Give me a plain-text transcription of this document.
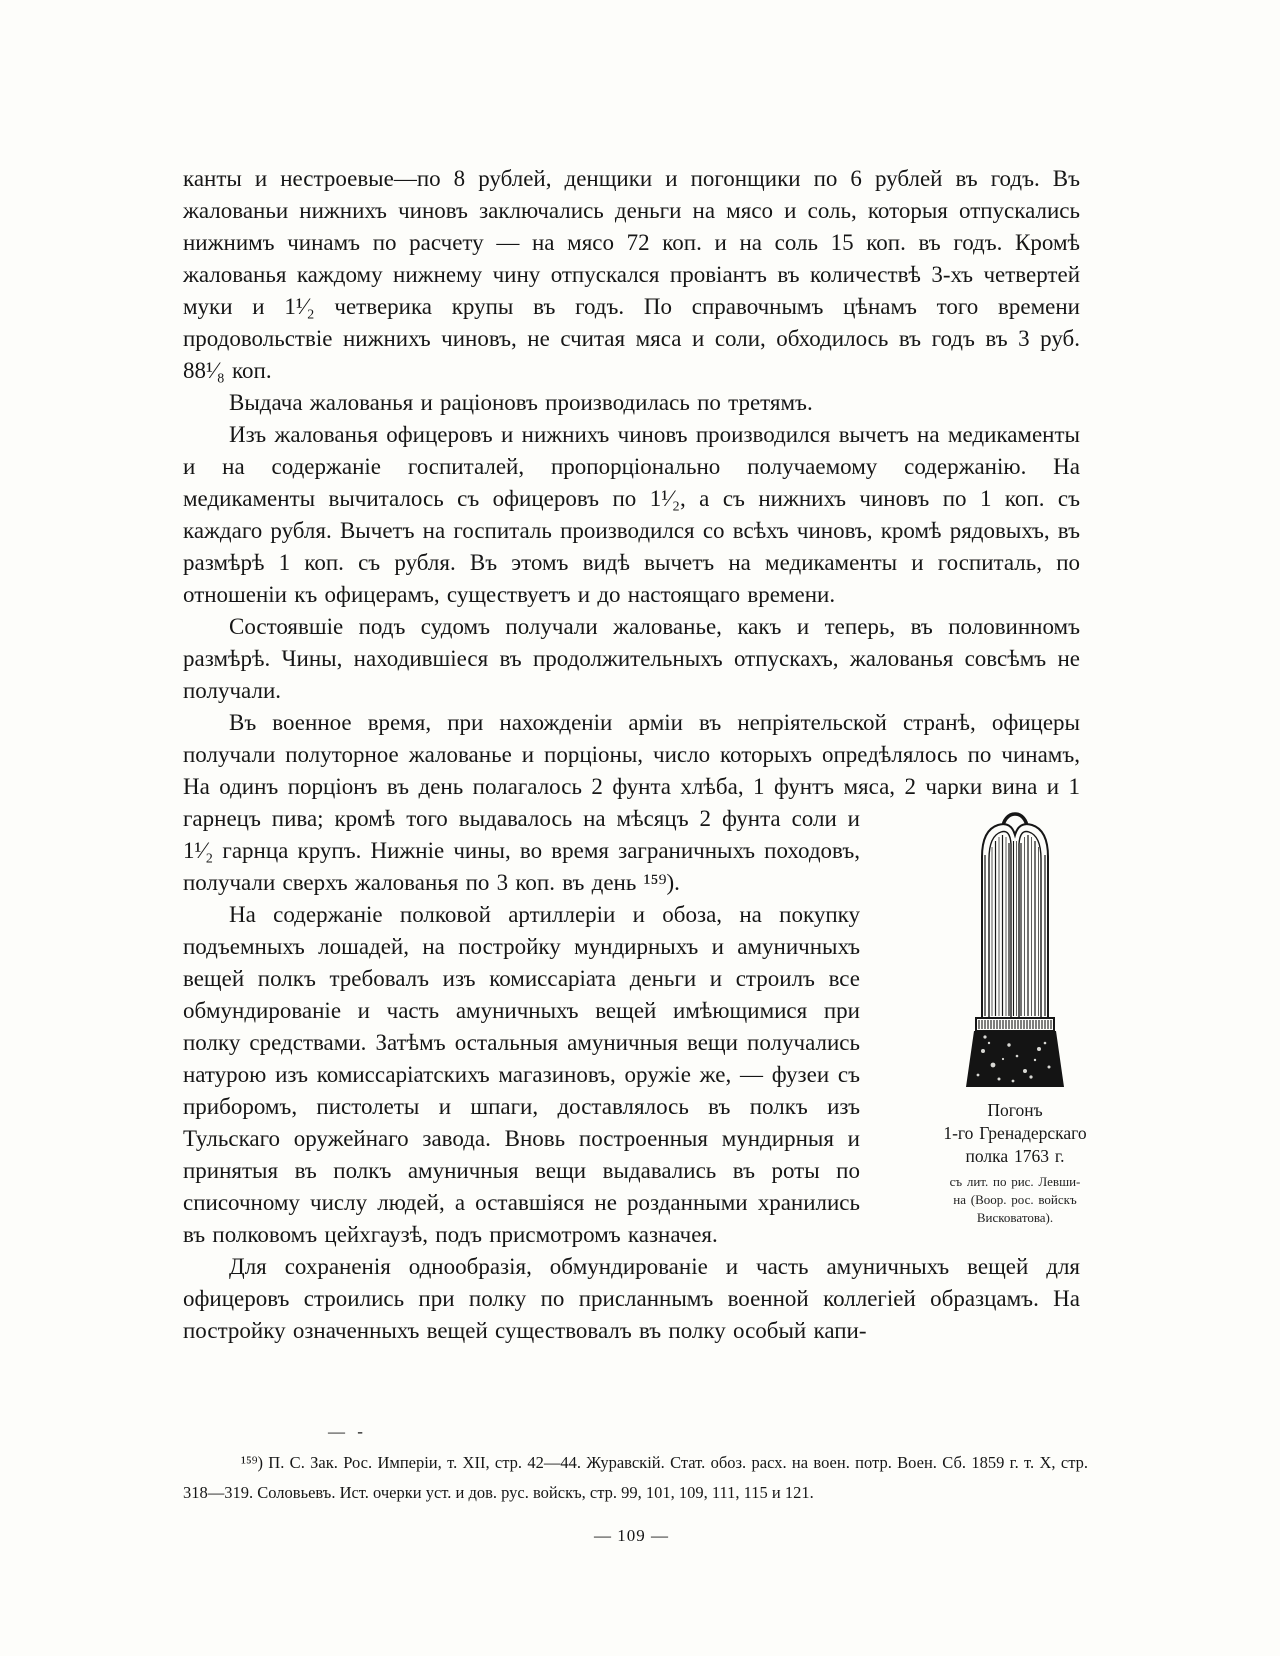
канты и нестроевые—по 8 рублей, денщики и погонщики по 6 рублей въ годъ. Въ жалованьи нижнихъ чиновъ заключались деньги на мясо и соль, которыя отпускались нижнимъ чинамъ по расчету — на мясо 72 коп. и на соль 15 коп. въ годъ. Кромѣ жалованья каждому нижнему чину отпускался провіантъ въ количествѣ 3-хъ четвертей муки и 1¹⁄₂ четверика крупы въ годъ. По справочнымъ цѣнамъ того времени продовольствіе нижнихъ чиновъ, не считая мяса и соли, обходилось въ годъ въ 3 руб. 88¹⁄₈ коп.

Выдача жалованья и раціоновъ производилась по третямъ.

Изъ жалованья офицеровъ и нижнихъ чиновъ производился вычетъ на медикаменты и на содержаніе госпиталей, пропорціонально получаемому содержанію. На медикаменты вычиталось съ офицеровъ по 1¹⁄₂, а съ нижнихъ чиновъ по 1 коп. съ каждаго рубля. Вычетъ на госпиталь производился со всѣхъ чиновъ, кромѣ рядовыхъ, въ размѣрѣ 1 коп. съ рубля. Въ этомъ видѣ вычетъ на медикаменты и госпиталь, по отношеніи къ офицерамъ, существуетъ и до настоящаго времени.

Состоявшіе подъ судомъ получали жалованье, какъ и теперь, въ половинномъ размѣрѣ. Чины, находившіеся въ продолжительныхъ отпускахъ, жалованья совсѣмъ не получали.

Въ военное время, при нахожденіи арміи въ непріятельской странѣ, офицеры получали полуторное жалованье и порціоны, число которыхъ опредѣлялось по чинамъ, На одинъ порціонъ въ день полагалось 2 фунта хлѣба, 1 фунтъ мяса, 2 чарки вина и 1 гарнецъ пива; кромѣ того выдавалось на мѣсяцъ 2 фунта
Погонъ
1-го Гренадерскаго
полка 1763 г.
съ лит. по рис. Левши-
на (Воор. рос. войскъ
Висковатова).
соли и 1¹⁄₂ гарнца крупъ. Нижніе чины, во время заграничныхъ походовъ, получали сверхъ жалованья по 3 коп. въ день ¹⁵⁹).

На содержаніе полковой артиллеріи и обоза, на покупку подъемныхъ лошадей, на постройку мундирныхъ и амуничныхъ вещей полкъ требовалъ изъ комиссаріата деньги и строилъ все обмундированіе и часть амуничныхъ вещей имѣющимися при полку средствами. Затѣмъ остальныя амуничныя вещи получались натурою изъ комиссаріатскихъ магазиновъ, оружіе же, — фузеи съ приборомъ, пистолеты и шпаги, доставлялось въ полкъ изъ Тульскаго оружейнаго завода. Вновь построенныя мундирныя и принятыя въ полкъ амуничныя вещи выдавались въ роты по списочному числу людей, а оставшіяся не розданными хранились въ полковомъ цейхгаузѣ, подъ присмотромъ казначея.

Для сохраненія однообразія, обмундированіе и часть амуничныхъ вещей для офицеровъ строились при полку по присланнымъ военной коллегіей образцамъ. На постройку означенныхъ вещей существовалъ въ полку особый капи-

— -
¹⁵⁹) П. С. Зак. Рос. Имперіи, т. XII, стр. 42—44. Журавскій. Стат. обоз. расх. на воен. потр. Воен. Сб. 1859 г. т. X, стр. 318—319. Соловьевъ. Ист. очерки уст. и дов. рус. войскъ, стр. 99, 101, 109, 111, 115 и 121.
— 109 —
